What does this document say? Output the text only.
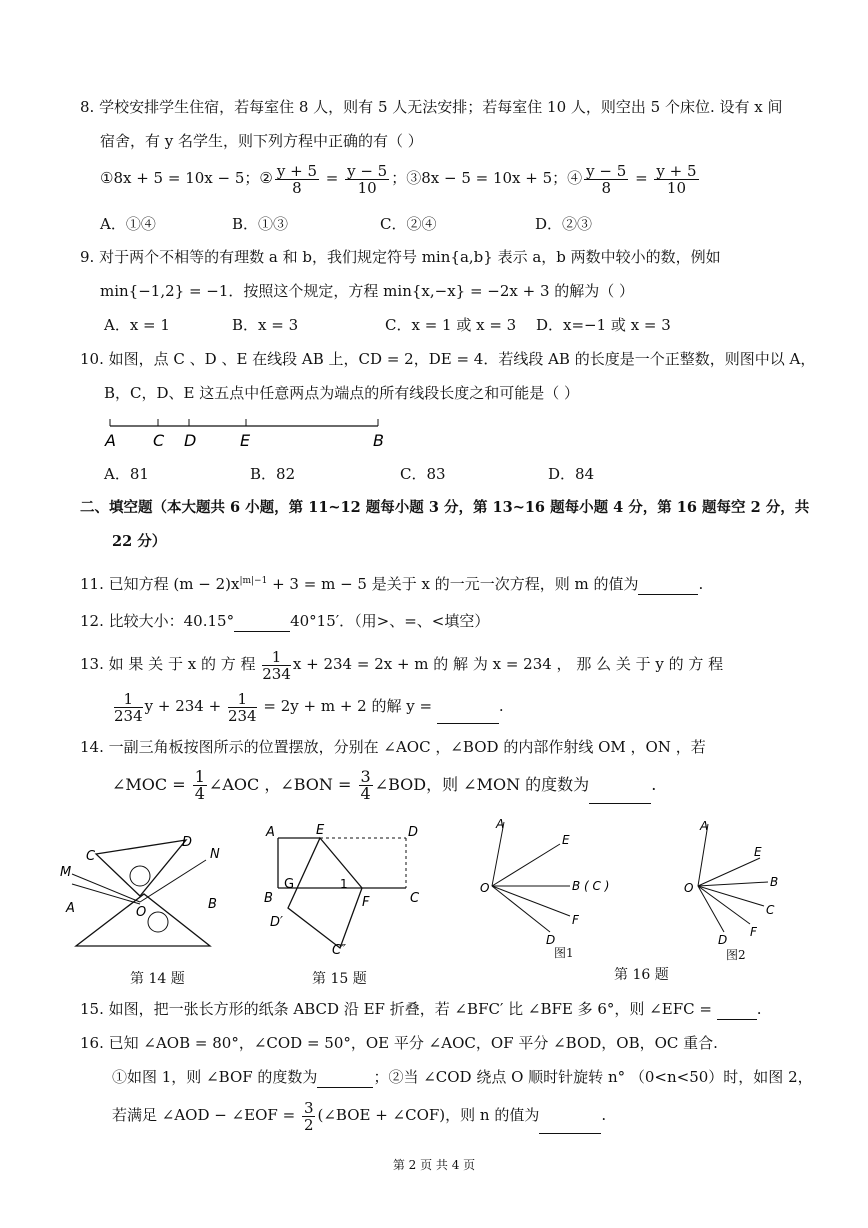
8. 学校安排学生住宿，若每室住 8 人，则有 5 人无法安排；若每室住 10 人，则空出 5 个床位. 设有 x 间
宿舍，有 y 名学生，则下列方程中正确的有（ ）
①8x + 5 = 10x − 5；② $\frac{y + 5}{8} = \frac{y - 5}{10}$ ；③8x − 5 = 10x + 5；④ $\frac{y - 5}{8} = \frac{y + 5}{10}$
A．①④	B．①③	C．②④	D．②③
9. 对于两个不相等的有理数 a 和 b，我们规定符号 min{a,b} 表示 a，b 两数中较小的数，例如
min{−1,2} = −1．按照这个规定，方程 min{x,−x} = −2x + 3 的解为（ ）
A．x = 1	B．x = 3	C．x = 1 或 x = 3 D．x=−1 或 x = 3
10. 如图，点 C 、D 、E 在线段 AB 上，CD = 2，DE = 4．若线段 AB 的长度是一个正整数，则图中以 A，
B，C，D、E 这五点中任意两点为端点的所有线段长度之和可能是（ ）
A C D	E	B
A．81	B．82	C．83	D．84
二、填空题（本大题共 6 小题，第 11~12 题每小题 3 分，第 13~16 题每小题 4 分，第 16 题每空 2 分，共
22 分）
11. 已知方程 $(m - 2)x^{|m|-1} + 3 = m - 5$ 是关于 x 的一元一次方程，则 m 的值为	.
12. 比较大小：40.15°	40°15′．（用>、=、<填空）
13. 如 果 关 于 x 的 方 程 $\frac{1}{234}$ x + 234 = 2x + m 的 解 为 x = 234 ， 那 么 关 于 y 的 方 程
$\frac{1}{234}$ $y + 234 + \frac{1}{234} = 2y + m + 2$ 的解 y =	.
14. 一副三角板按图所示的位置摆放，分别在 ∠AOC ，∠BOD 的内部作射线 OM ，ON ，若
∠MOC = $\frac{1}{4}$ ∠AOC ，∠BON = $\frac{3}{4}$ ∠BOD，则 ∠MON 的度数为	.
M
C
D
N
A	O
B
第 14 题
A	E	D
B
G	1
C
F
D′
C″
第 15 题
A
E
O	B ( C )
F
D
图1
A
E
B
O
C
F
D
图2
第 16 题
15. 如图，把一张长方形的纸条 ABCD 沿 EF 折叠，若 ∠BFC′ 比 ∠BFE 多 6°，则 ∠EFC =	.
16. 已知 ∠AOB = 80°，∠COD = 50°，OE 平分 ∠AOC，OF 平分 ∠BOD，OB，OC 重合.
①如图 1，则 ∠BOF 的度数为	；②当 ∠COD 绕点 O 顺时针旋转 n° （0<n<50）时，如图 2，
若满足 ∠AOD − ∠EOF = $\frac{3}{2}$ (∠BOE + ∠COF)，则 n 的值为	.
第 2 页 共 4 页
